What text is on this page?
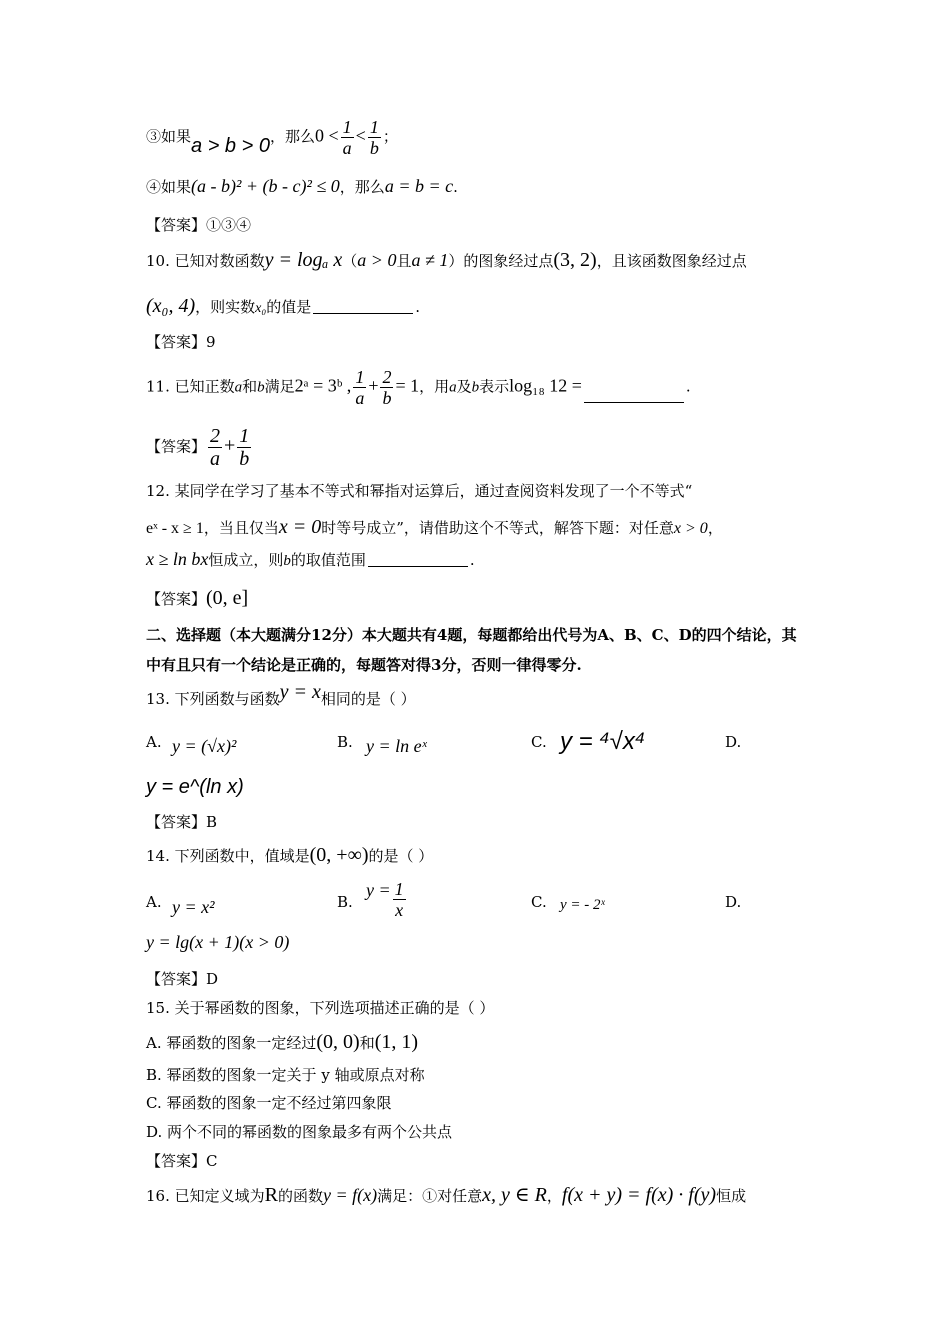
③如果a > b > 0，那么$0 < \frac{1}{a} < \frac{1}{b}$ ；
④如果(a - b)² + (b - c)² ≤ 0，那么a = b = c.
【答案】①③④
10. 已知对数函数y = logₐ x（a > 0且a ≠ 1）的图象经过点(3, 2)，且该函数图象经过点
(x₀, 4)，则实数x₀的值是	.
【答案】9
11. 已知正数a和b满足2ᵃ = 3ᵇ , $\frac{1}{a} + \frac{2}{b} = 1$，用a及b表示log₁₈ 12 =	.
【答案】 $\frac{2}{a} + \frac{1}{b}$
12. 某同学在学习了基本不等式和幂指对运算后，通过查阅资料发现了一个不等式“
eˣ - x ≥ 1，当且仅当x = 0时等号成立”，请借助这个不等式，解答下题：对任意x > 0，
x ≥ ln bx恒成立，则b的取值范围	.
【答案】(0, e]
二、选择题（本大题满分12分）本大题共有4题，每题都给出代号为A、B、C、D的四个结论，其
中有且只有一个结论是正确的，每题答对得3分，否则一律得零分.
13. 下列函数与函数y = x相同的是（ ）
A. y = (√x)²	B. y = ln eˣ	C. y = ⁴√x⁴	D.
y = e^(ln x)
【答案】B
14. 下列函数中，值域是(0, +∞)的是（ ）
A. y = x²	B.
$y = \frac{1}{x}$	C. y = - 2ˣ	D.
y = lg(x + 1)(x > 0)
【答案】D
15. 关于幂函数的图象，下列选项描述正确的是（ ）
A. 幂函数的图象一定经过(0, 0)和(1, 1)
B. 幂函数的图象一定关于 y 轴或原点对称
C. 幂函数的图象一定不经过第四象限
D. 两个不同的幂函数的图象最多有两个公共点
【答案】C
16. 已知定义域为R的函数y = f(x)满足：①对任意x, y ∈ R，f(x + y) = f(x) · f(y)恒成
